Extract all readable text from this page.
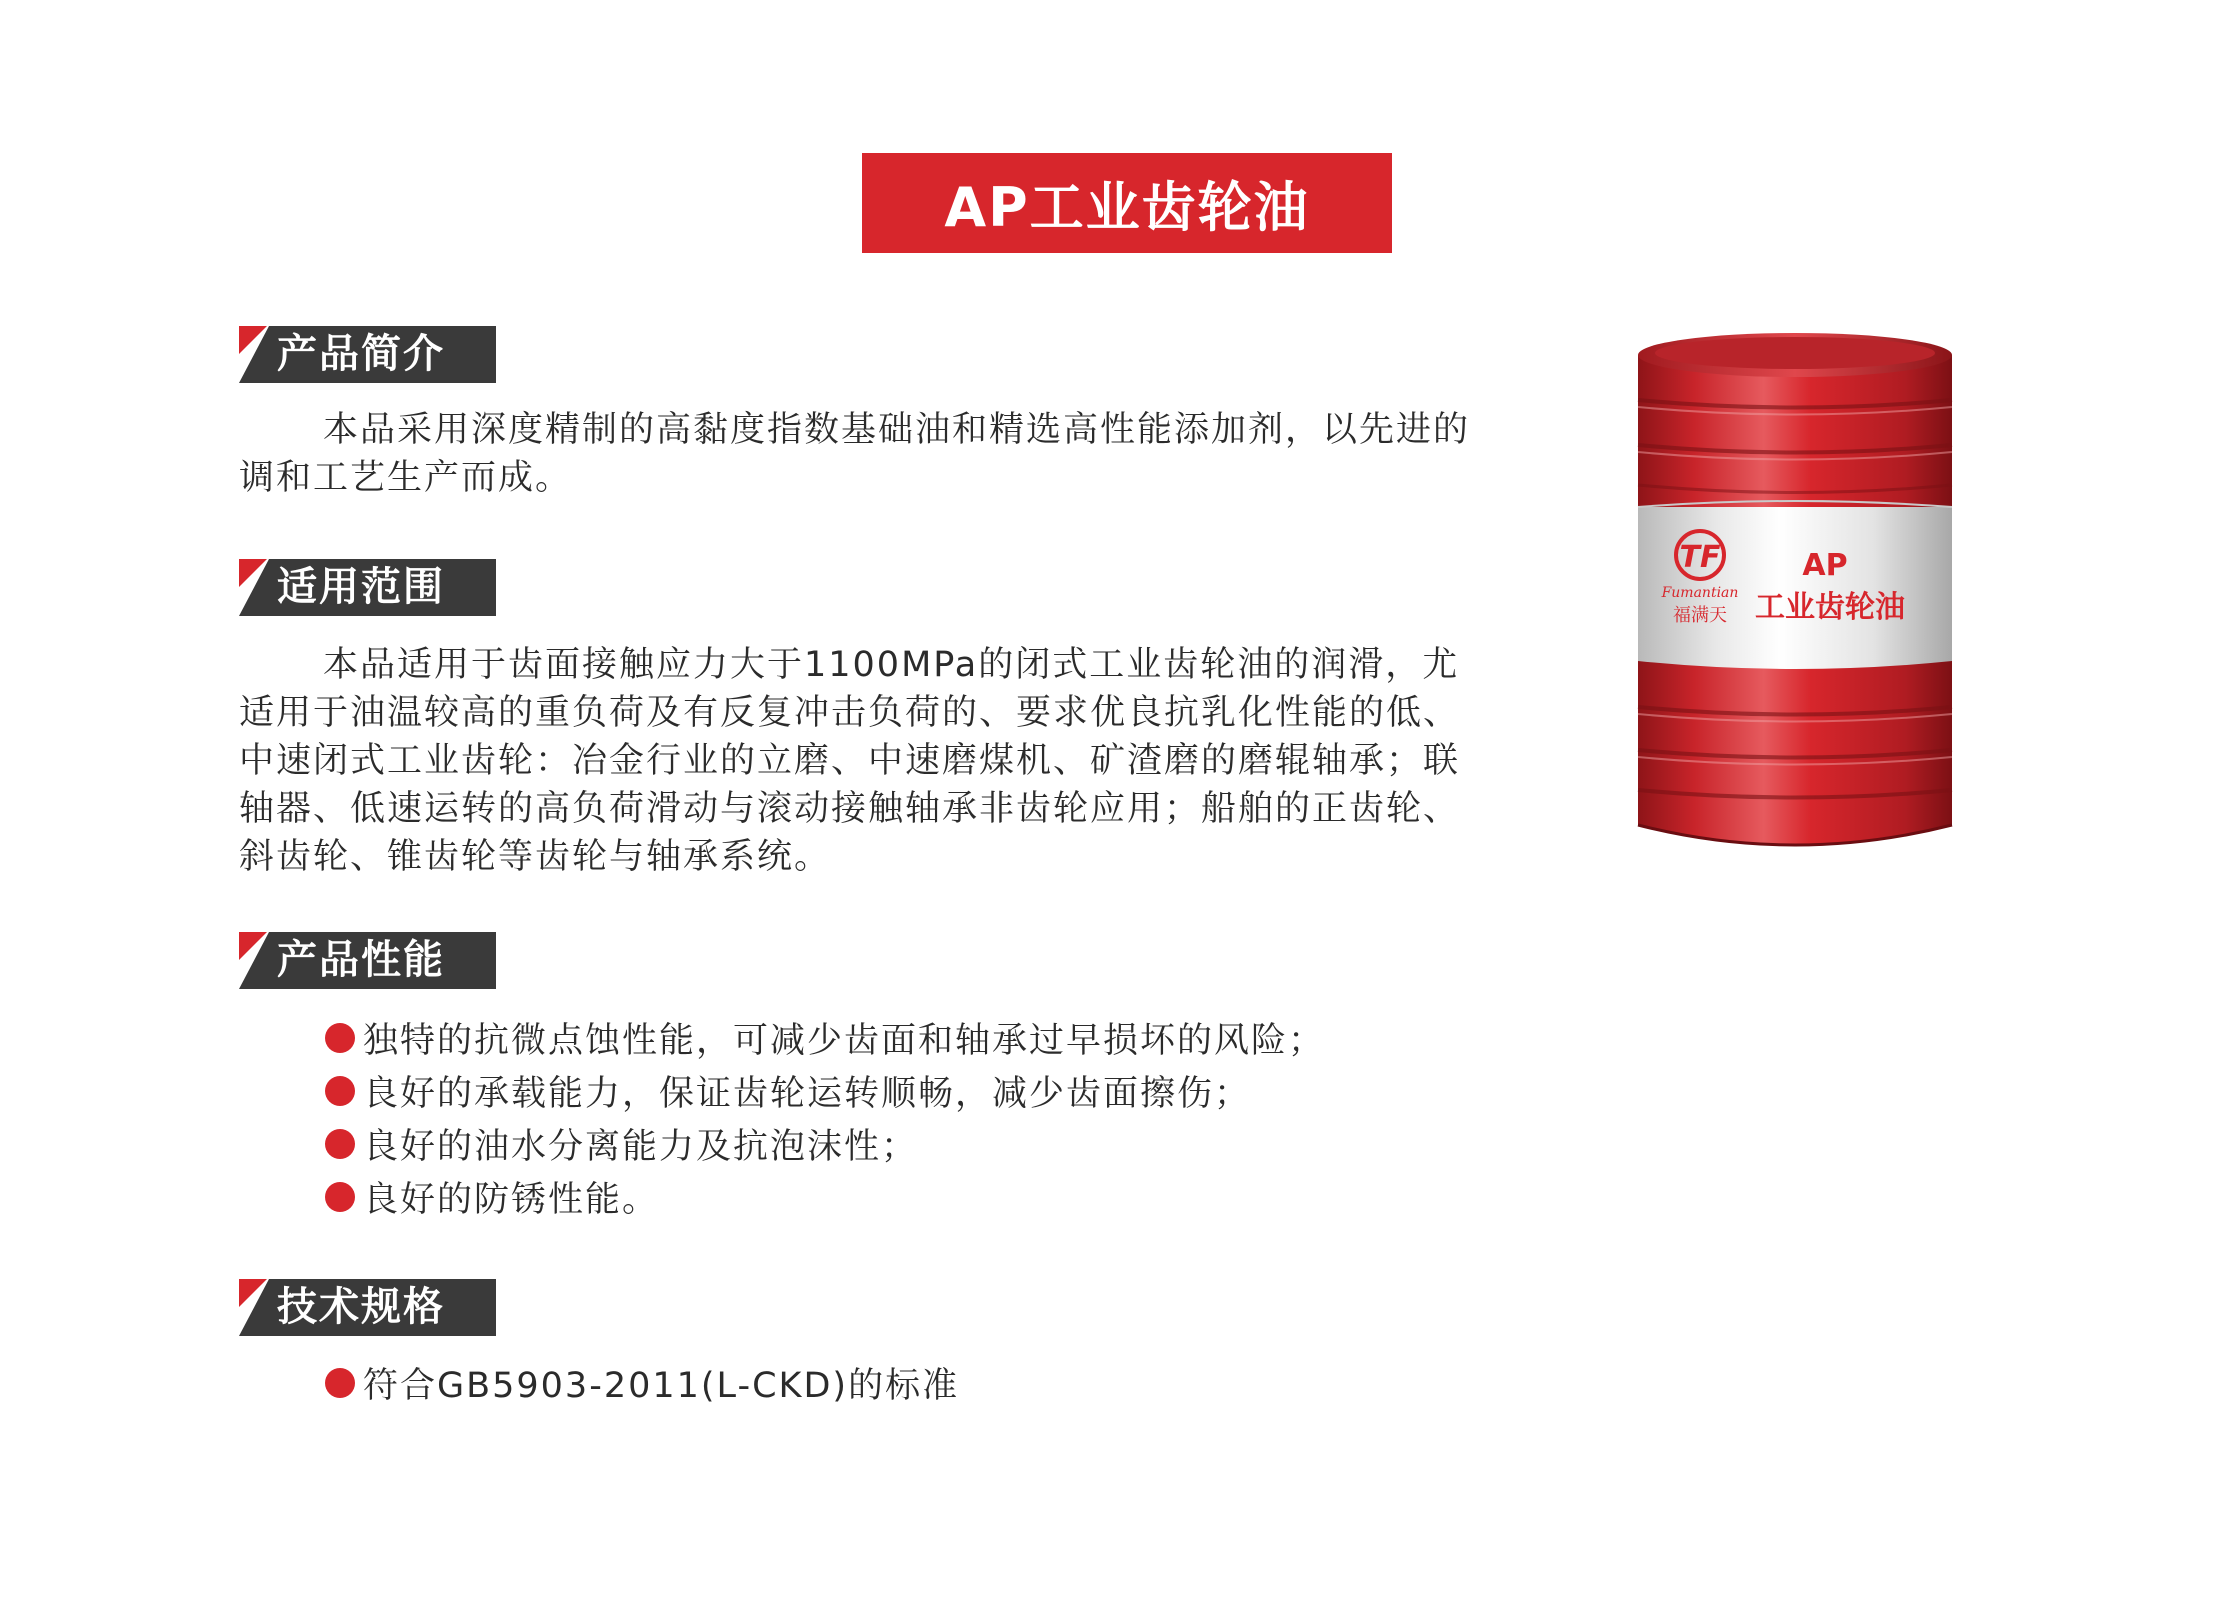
AP工业齿轮油
产品简介

本品采用深度精制的高黏度指数基础油和精选高性能添加剂，以先进的调和工艺生产而成。

适用范围

本品适用于齿面接触应力大于1100MPa的闭式工业齿轮油的润滑，尤适用于油温较高的重负荷及有反复冲击负荷的、要求优良抗乳化性能的低、中速闭式工业齿轮：冶金行业的立磨、中速磨煤机、矿渣磨的磨辊轴承；联轴器、低速运转的高负荷滑动与滚动接触轴承非齿轮应用；船舶的正齿轮、斜齿轮、锥齿轮等齿轮与轴承系统。

产品性能
独特的抗微点蚀性能，可减少齿面和轴承过早损坏的风险；
良好的承载能力，保证齿轮运转顺畅，减少齿面擦伤；
良好的油水分离能力及抗泡沫性；
良好的防锈性能。
技术规格
符合GB5903-2011(L-CKD)的标准
TF
Fumantian
福满天
AP
工业齿轮油
